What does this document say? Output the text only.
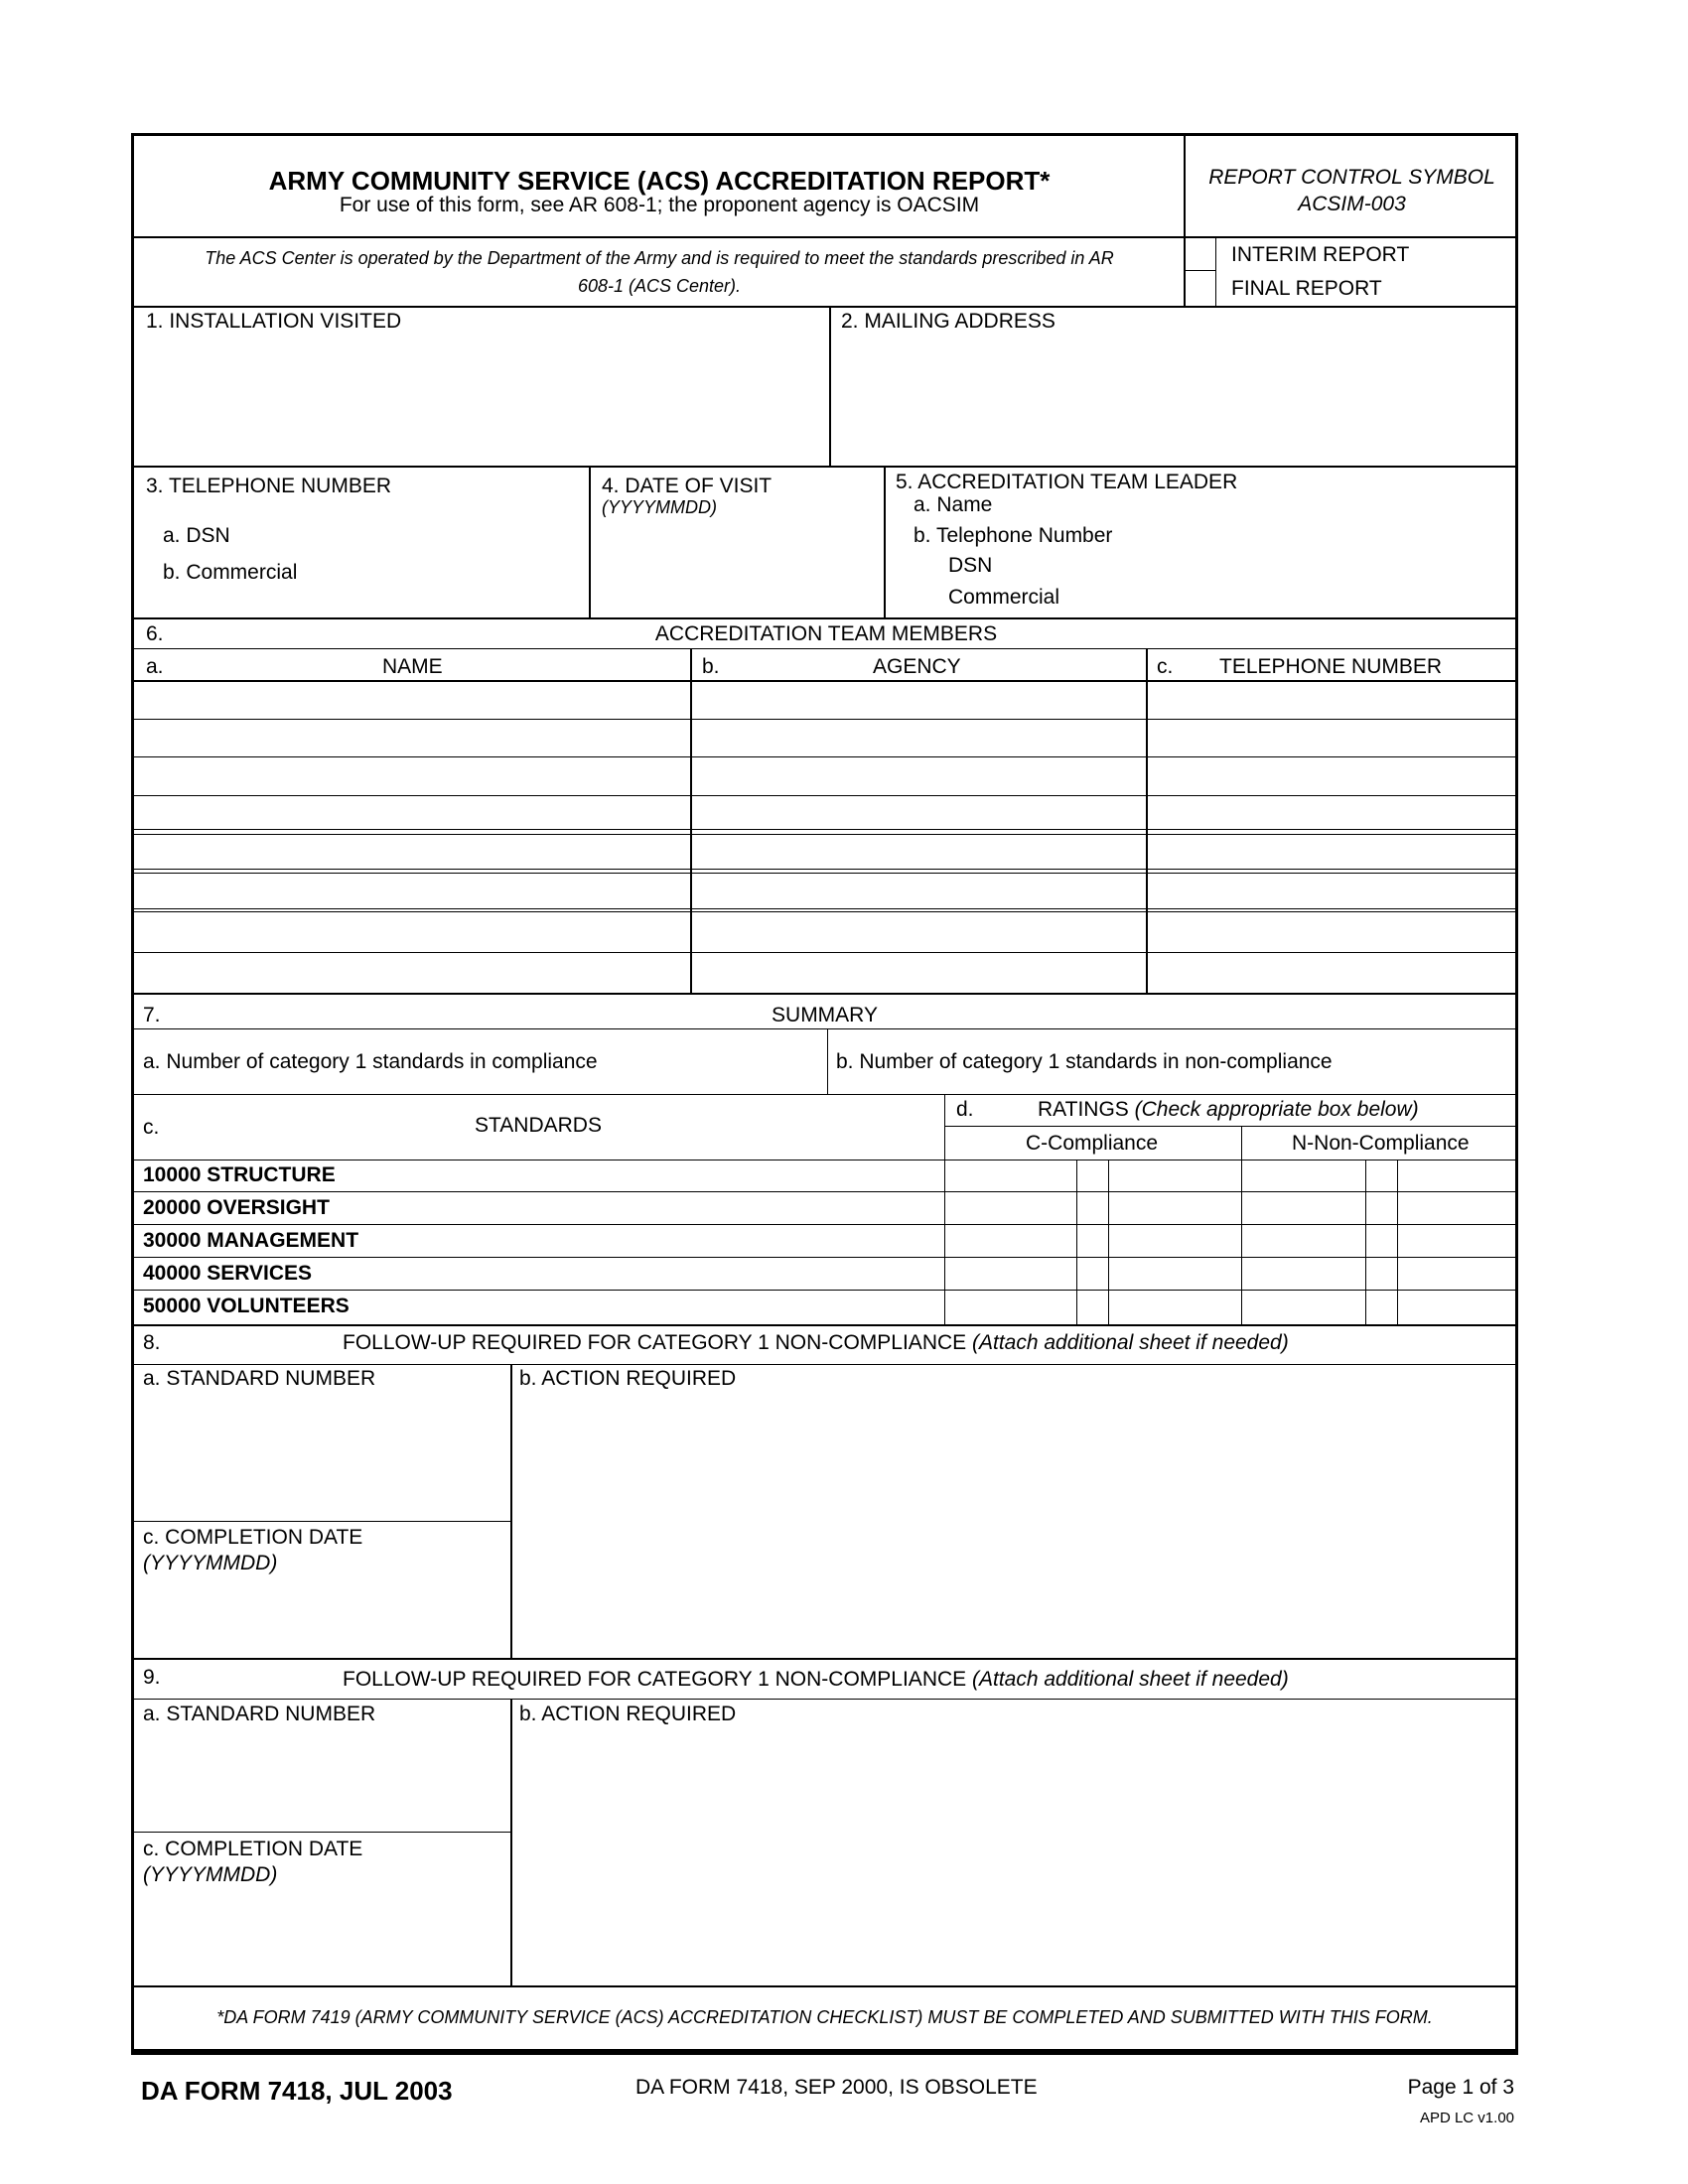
ARMY COMMUNITY SERVICE (ACS) ACCREDITATION REPORT*
For use of this form, see AR 608-1; the proponent agency is OACSIM
REPORT CONTROL SYMBOL
ACSIM-003
The ACS Center is operated by the Department of the Army and is required to meet the standards prescribed in AR
608-1 (ACS Center).
INTERIM REPORT
FINAL REPORT
1. INSTALLATION VISITED	2. MAILING ADDRESS
3. TELEPHONE NUMBER
a. DSN
b. Commercial
4. DATE OF VISIT
(YYYYMMDD)
5. ACCREDITATION TEAM LEADER
a. Name
b. Telephone Number
DSN
Commercial
6.	ACCREDITATION TEAM MEMBERS
a.	NAME	b.	AGENCY	c. TELEPHONE NUMBER
7.	SUMMARY
a. Number of category 1 standards in compliance	b. Number of category 1 standards in non-compliance
c.	STANDARDS
d.	RATINGS (Check appropriate box below)
C-Compliance	N-Non-Compliance
10000 STRUCTURE
20000 OVERSIGHT
30000 MANAGEMENT
40000 SERVICES
50000 VOLUNTEERS
8.	FOLLOW-UP REQUIRED FOR CATEGORY 1 NON-COMPLIANCE (Attach additional sheet if needed)
a. STANDARD NUMBER	b. ACTION REQUIRED
c. COMPLETION DATE
(YYYYMMDD)
9.	FOLLOW-UP REQUIRED FOR CATEGORY 1 NON-COMPLIANCE (Attach additional sheet if needed)
a. STANDARD NUMBER	b. ACTION REQUIRED
c. COMPLETION DATE
(YYYYMMDD)
*DA FORM 7419 (ARMY COMMUNITY SERVICE (ACS) ACCREDITATION CHECKLIST) MUST BE COMPLETED AND SUBMITTED WITH THIS FORM.
DA FORM 7418, JUL 2003	DA FORM 7418, SEP 2000, IS OBSOLETE	Page 1 of 3
APD LC v1.00
